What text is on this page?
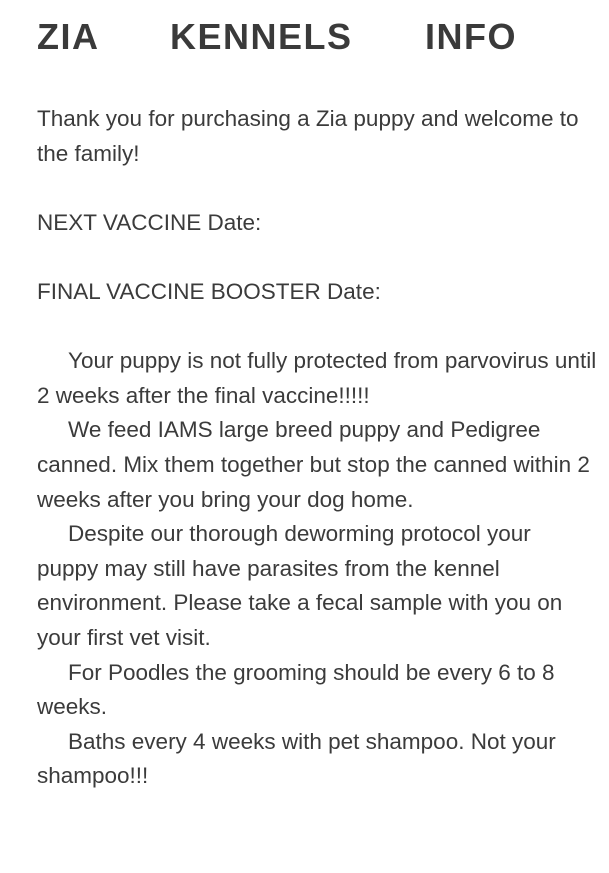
ZIA KENNELS INFO

Thank you for purchasing a Zia puppy and welcome to the family!

NEXT VACCINE Date:

FINAL VACCINE BOOSTER Date:

Your puppy is not fully protected from parvovirus until 2 weeks after the final vaccine!!!!!

We feed IAMS large breed puppy and Pedigree canned. Mix them together but stop the canned within 2 weeks after you bring your dog home.

Despite our thorough deworming protocol your puppy may still have parasites from the kennel environment. Please take a fecal sample with you on your first vet visit.

For Poodles the grooming should be every 6 to 8 weeks.

Baths every 4 weeks with pet shampoo. Not your shampoo!!!
